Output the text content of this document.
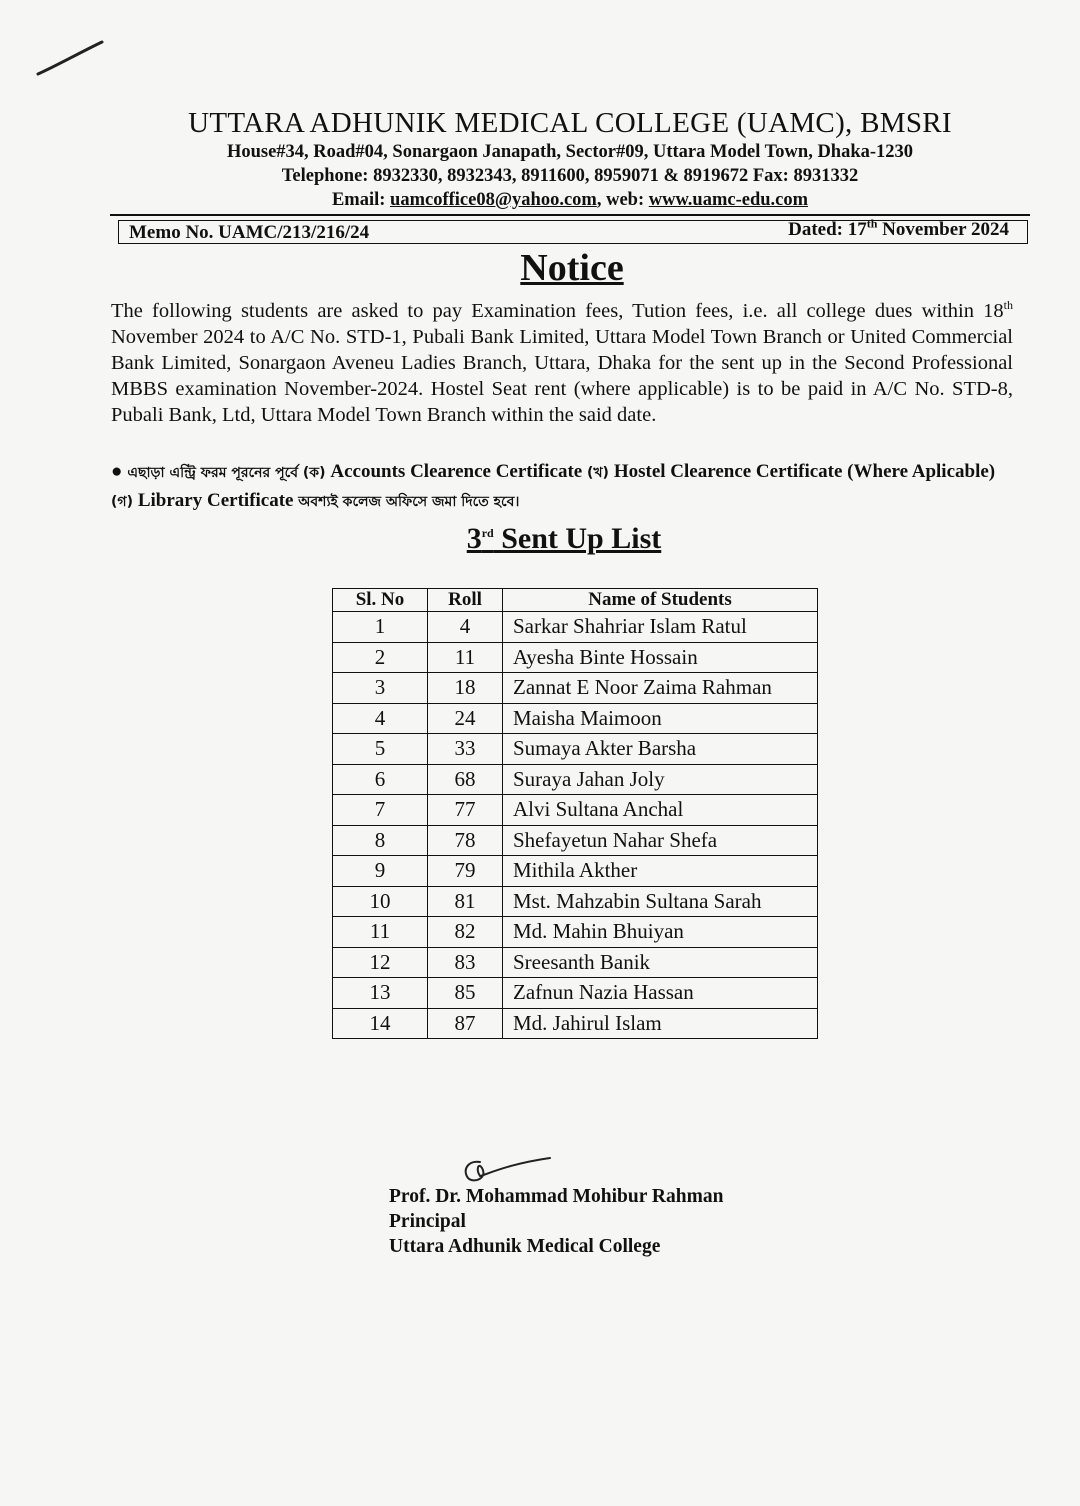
UTTARA ADHUNIK MEDICAL COLLEGE (UAMC), BMSRI
House#34, Road#04, Sonargaon Janapath, Sector#09, Uttara Model Town, Dhaka-1230
Telephone: 8932330, 8932343, 8911600, 8959071 & 8919672 Fax: 8931332
Email: uamcoffice08@yahoo.com, web: www.uamc-edu.com
Memo No. UAMC/213/216/24	Dated: 17th November 2024
Notice
The following students are asked to pay Examination fees, Tution fees, i.e. all college dues within 18th November 2024 to A/C No. STD-1, Pubali Bank Limited, Uttara Model Town Branch or United Commercial Bank Limited, Sonargaon Aveneu Ladies Branch, Uttara, Dhaka for the sent up in the Second Professional MBBS examination November-2024. Hostel Seat rent (where applicable) is to be paid in A/C No. STD-8, Pubali Bank, Ltd, Uttara Model Town Branch within the said date.
● এছাড়া এন্ট্রি ফরম পূরনের পূর্বে (ক) Accounts Clearence Certificate (খ) Hostel Clearence Certificate (Where Aplicable) (গ) Library Certificate অবশ্যই কলেজ অফিসে জমা দিতে হবে।
3rd Sent Up List
Sl. No	Roll	Name of Students
1	4	Sarkar Shahriar Islam Ratul
2	11	Ayesha Binte Hossain
3	18	Zannat E Noor Zaima Rahman
4	24	Maisha Maimoon
5	33	Sumaya Akter Barsha
6	68	Suraya Jahan Joly
7	77	Alvi Sultana Anchal
8	78	Shefayetun Nahar Shefa
9	79	Mithila Akther
10	81	Mst. Mahzabin Sultana Sarah
11	82	Md. Mahin Bhuiyan
12	83	Sreesanth Banik
13	85	Zafnun Nazia Hassan
14	87	Md. Jahirul Islam
Prof. Dr. Mohammad Mohibur Rahman
Principal
Uttara Adhunik Medical College
